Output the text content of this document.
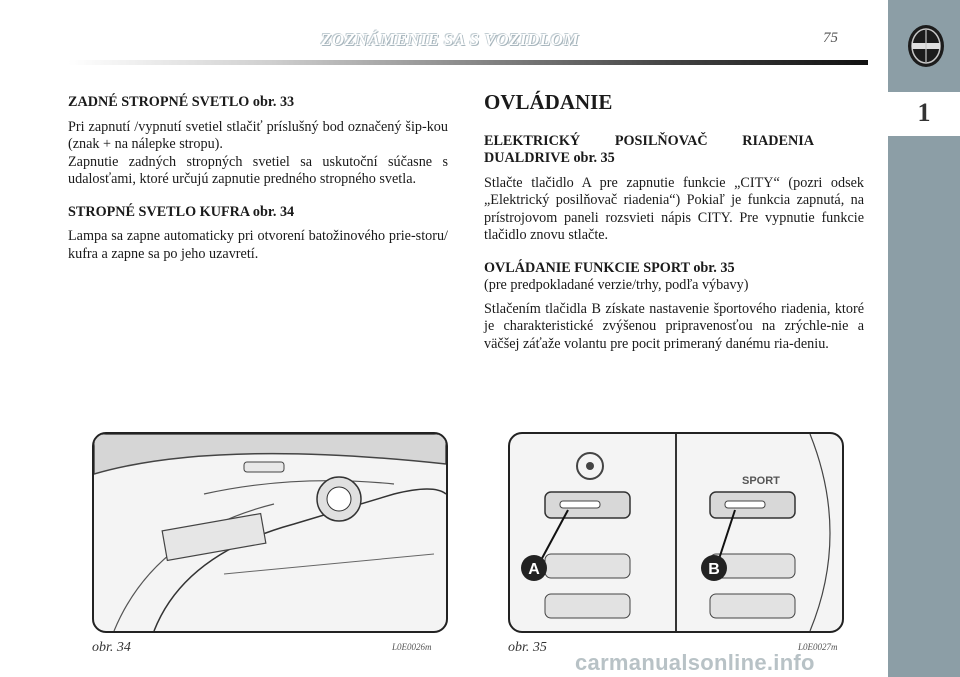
1
ZOZNÁMENIE SA S VOZIDLOM	75
ZADNÉ STROPNÉ SVETLO obr. 33

Pri zapnutí /vypnutí svetiel stlačiť príslušný bod označený šip-kou (znak + na nálepke stropu).

Zapnutie zadných stropných svetiel sa uskutoční súčasne s udalosťami, ktoré určujú zapnutie predného stropného svetla.

STROPNÉ SVETLO KUFRA obr. 34

Lampa sa zapne automaticky pri otvorení batožinového prie-storu/ kufra a zapne sa po jeho uzavretí.

OVLÁDANIE
ELEKTRICKÝ POSILŇOVAČ RIADENIA DUALDRIVE obr. 35

Stlačte tlačidlo A pre zapnutie funkcie „CITY“ (pozri odsek „Elektrický posilňovač riadenia“) Pokiaľ je funkcia zapnutá, na prístrojovom paneli rozsvieti nápis CITY. Pre vypnutie funkcie tlačidlo znovu stlačte.

OVLÁDANIE FUNKCIE SPORT obr. 35
(pre predpokladané verzie/trhy, podľa výbavy)

Stlačením tlačidla B získate nastavenie športového riadenia, ktoré je charakteristické zvýšenou pripravenosťou na zrýchle-nie a väčšej záťaže volantu pre pocit primeraný danému ria-deniu.

obr. 34	L0E0026m
SPORT
A	B
obr. 35	L0E0027m
carmanualsonline.info
